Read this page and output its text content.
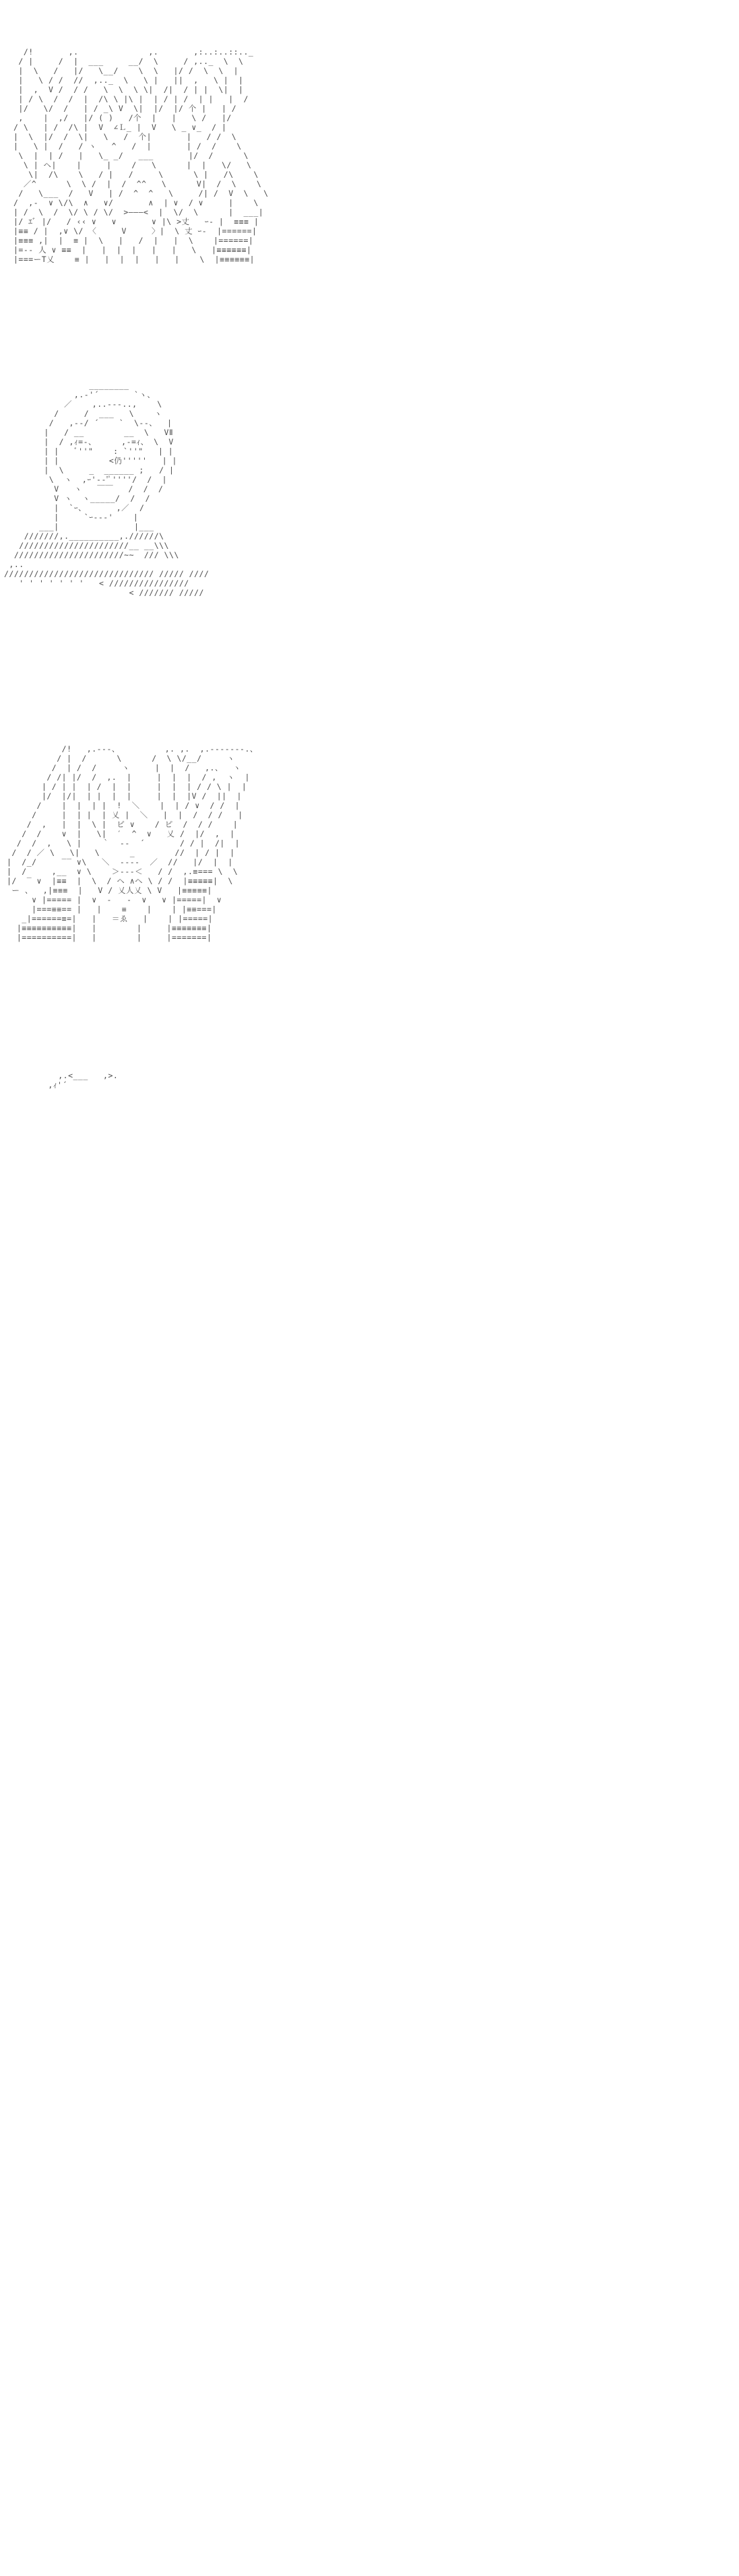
/!       ,.              ,.       ,:..:..::.._
/ |     /  |  ___     __/  \     / ,.._  \  \
|  \   /   |/   \__/    \  \   |/ /  \  \  |
|   \ / /  //  ,.._  \   \ |   ||  ,   \ |  |
|  ,  V /  / /   \  \  \ \|  /|  / | |  \|  |
| / \  /  /  |  /\ \ |\ |  | / | /  | |   |  /
|/   \/  /   | / _\ V  \|  |/  |/ 个 |   | /
,    |  ,/   |/ ( )   /个  |   |   \ /   |/
/ \   | /  /\ |  V  ∠Ｌ_ |  V   \ _ ∨_  / |
|  \  |/  /  \|   \   /  个|       |   / /  \
|   \ |  /   / ヽ   ^   /  |       | /  /    \
\  |  | /   |   \_ _/   ___       |/  /      \
\ | ヘ|    |     |    /   \      |  |   \/   \
\|  /\    \   / |   /     \      \ |   /\    \
／^      \  \ /  |  /  ^^   \      V|  /  \    \
/   \___  /   V   | /  ^  ^   \     /| /  V  \   \
/  ,-  ∨ \/\  ∧   ∨/       ∧  | ∨  / ∨     |    \
| /  \  /  \/ \ / \/  >―――<  |  \/  \      |  ___|
|/ ｴﾞ |/   / ‹‹ ∨   ∨       ∨ |\ >丈   ｰ‐ |  ≡≡≡ |
|≡≡ / |  ,∨ \/ 〈     V     〉|  \ 丈 ｰ‐  |======|
|≡≡≡ ,|  |  ≡ |  \   |   /  |   |  \    |======|
|=-- 人 ∨ ≡≡  |   |  |  |   |   |   \   |≡≡≡≡≡≡|
|===ーT乂    ≡ |   |  |  |   |   |    \  |≡≡≡≡≡≡|

________
,.‐'´       `ヽ、
／    ,..-‐-..,    \
/     /  ___   \    ヽ
/   ,--/ ´    `  \--、  |
|   / __        __  \   VⅡ
|  / ,ｨ=-、     ,-=ｨ、 \  V
| |   ﾞ''"    : `''"   | |
| |          <仍'''''   | |
|  \     _  ______ ;   / |
\  ヽ  ,ｰ'--'ﾟ''''/  /  |
V   ヽ   ￣￣   /  /  /
V ヽ  ヽ_____/  /  /
|  `ｰ、      ,／  /
|     `ｰ--‐'    |
___|               |___
///////,.__________,.//////\
//////////////////////__ __\\\
//////////////////////~~  /// \\\
,..
////////////////////////////// ///// ////
' ' ' ' ' ' '   < ////////////////
< /////// /////

/!   ,.--‐、         ,. ,.  ,.--‐‐‐‐-.、
/ |  /      \      /  \ \/__/     ヽ
/  | /  /     ヽ     |  |  /   ,.、  ヽ
/ /| |/  /  ,.  |     |  |  |  / ,  ヽ  |
| / | |  | /  |  |     |  |  | / / \ |  |
|/  |/|  | |  |  |     |  |  |V /  ||  |
/    |  |  | |  !  ＼    |  | / ∨  / /  |
/     |  | |  | 乂 |  ＼   |  |  /  / /   |
/  ,   |  |  \ |  ピ ∨    / ピ  /  / /    |
/  /    ∨  |   \|  ′  ^  ∨   乂 /  |/  ,  |
/  /  ,   \ |    ｀  ‐‐  ´       / / |  /|  |
/  / ／ \   \|   \      _        //  | / |  |
|  /_/     ‾‾ ∨\   ＼  ‐‐‐‐  ／  //   |/  |  |
|  /     ,__  ∨ \    ＞‐‐‐＜   / /  ,.≡=== \  \
|/  ‾ ∨  |≡≡  |  \  / ヘ ∧ヘ \ / /  |≡≡≡≡≡|  \
ー 、  ,|≡≡≡  |   V / 乂人乂 \ V   |≡≡≡≡≡|
∨ |===== |  ∨  ‐   ‐  ∨   ∨ |=====|  ∨
|===≡≡== |   |    ≡    |    | |≡≡===|
_|======≡=|   |   ＝ゑ   |    | |=====|
|≡≡≡≡≡≡≡≡≡≡|   |        |     |≡≡≡≡≡≡≡|
|==========|   |        |     |=======|

,.<___   ,>.
,ｨ'´
